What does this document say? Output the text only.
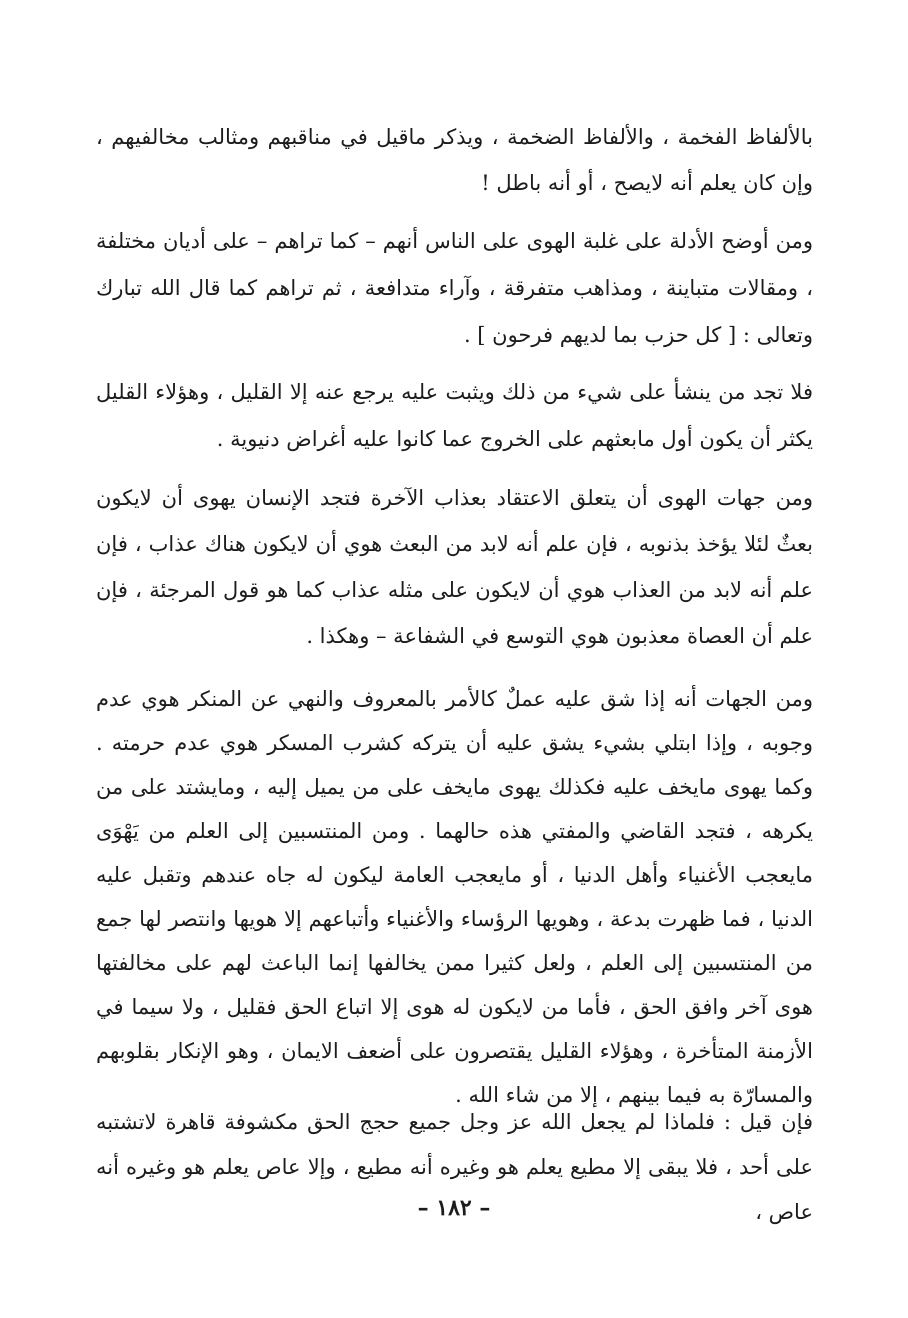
بالألفاظ الفخمة ، والألفاظ الضخمة ، ويذكر ماقيل في مناقبهم ومثالب مخالفيهم ، وإن كان يعلم أنه لايصح ، أو أنه باطل !

ومن أوضح الأدلة على غلبة الهوى على الناس أنهم – كما تراهم – على أديان مختلفة ، ومقالات متباينة ، ومذاهب متفرقة ، وآراء متدافعة ، ثم تراهم كما قال الله تبارك وتعالى : [ كل حزب بما لديهم فرحون ] .

فلا تجد من ينشأ على شيء من ذلك ويثبت عليه يرجع عنه إلا القليل ، وهؤلاء القليل يكثر أن يكون أول مابعثهم على الخروج عما كانوا عليه أغراض دنيوية .

ومن جهات الهوى أن يتعلق الاعتقاد بعذاب الآخرة فتجد الإنسان يهوى أن لايكون بعثٌ لئلا يؤخذ بذنوبه ، فإن علم أنه لابد من البعث هوي أن لايكون هناك عذاب ، فإن علم أنه لابد من العذاب هوي أن لايكون على مثله عذاب كما هو قول المرجئة ، فإن علم أن العصاة معذبون هوي التوسع في الشفاعة – وهكذا .

ومن الجهات أنه إذا شق عليه عملٌ كالأمر بالمعروف والنهي عن المنكر هوي عدم وجوبه ، وإذا ابتلي بشيء يشق عليه أن يتركه كشرب المسكر هوي عدم حرمته . وكما يهوى مايخف عليه فكذلك يهوى مايخف على من يميل إليه ، ومايشتد على من يكرهه ، فتجد القاضي والمفتي هذه حالهما . ومن المنتسبين إلى العلم من يَهْوَى مايعجب الأغنياء وأهل الدنيا ، أو مايعجب العامة ليكون له جاه عندهم وتقبل عليه الدنيا ، فما ظهرت بدعة ، وهويها الرؤساء والأغنياء وأتباعهم إلا هويها وانتصر لها جمع من المنتسبين إلى العلم ، ولعل كثيرا ممن يخالفها إنما الباعث لهم على مخالفتها هوى آخر وافق الحق ، فأما من لايكون له هوى إلا اتباع الحق فقليل ، ولا سيما في الأزمنة المتأخرة ، وهؤلاء القليل يقتصرون على أضعف الايمان ، وهو الإنكار بقلوبهم والمسارّة به فيما بينهم ، إلا من شاء الله .

فإن قيل : فلماذا لم يجعل الله عز وجل جميع حجج الحق مكشوفة قاهرة لاتشتبه على أحد ، فلا يبقى إلا مطيع يعلم هو وغيره أنه مطيع ، وإلا عاص يعلم هو وغيره أنه عاص ،

– ١٨٢ –
